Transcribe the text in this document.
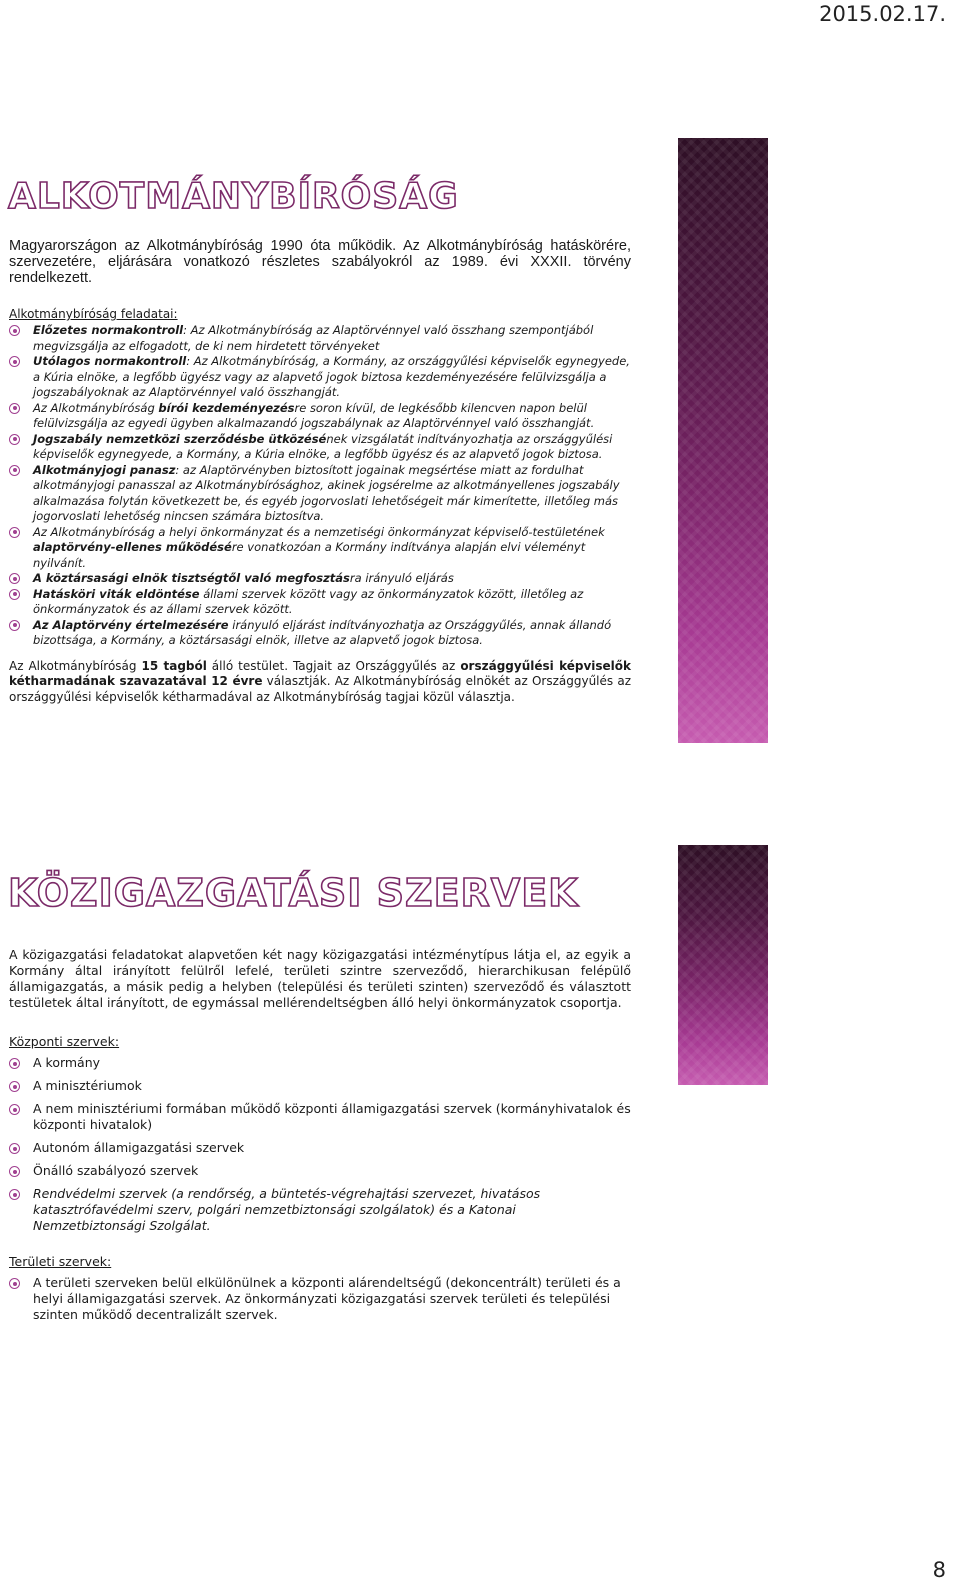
2015.02.17.
ALKOTMÁNYBÍRÓSÁG

Magyarországon az Alkotmánybíróság 1990 óta működik. Az Alkotmánybíróság hatáskörére, szervezetére, eljárására vonatkozó részletes szabályokról az 1989. évi XXXII. törvény rendelkezett.

Alkotmánybíróság feladatai:
Előzetes normakontroll: Az Alkotmánybíróság az Alaptörvénnyel való összhang szempontjából megvizsgálja az elfogadott, de ki nem hirdetett törvényeket
Utólagos normakontroll: Az Alkotmánybíróság, a Kormány, az országgyűlési képviselők egynegyede, a Kúria elnöke, a legfőbb ügyész vagy az alapvető jogok biztosa kezdeményezésére felülvizsgálja a jogszabályoknak az Alaptörvénnyel való összhangját.
Az Alkotmánybíróság bírói kezdeményezésre soron kívül, de legkésőbb kilencven napon belül felülvizsgálja az egyedi ügyben alkalmazandó jogszabálynak az Alaptörvénnyel való összhangját.
Jogszabály nemzetközi szerződésbe ütközésének vizsgálatát indítványozhatja az országgyűlési képviselők egynegyede, a Kormány, a Kúria elnöke, a legfőbb ügyész és az alapvető jogok biztosa.
Alkotmányjogi panasz: az Alaptörvényben biztosított jogainak megsértése miatt az fordulhat alkotmányjogi panasszal az Alkotmánybírósághoz, akinek jogsérelme az alkotmányellenes jogszabály alkalmazása folytán következett be, és egyéb jogorvoslati lehetőségeit már kimerítette, illetőleg más jogorvoslati lehetőség nincsen számára biztosítva.
Az Alkotmánybíróság a helyi önkormányzat és a nemzetiségi önkormányzat képviselő-testületének alaptörvény-ellenes működésére vonatkozóan a Kormány indítványa alapján elvi véleményt nyilvánít.
A köztársasági elnök tisztségtől való megfosztásra irányuló eljárás
Hatásköri viták eldöntése állami szervek között vagy az önkormányzatok között, illetőleg az önkormányzatok és az állami szervek között.
Az Alaptörvény értelmezésére irányuló eljárást indítványozhatja az Országgyűlés, annak állandó bizottsága, a Kormány, a köztársasági elnök, illetve az alapvető jogok biztosa.

Az Alkotmánybíróság 15 tagból álló testület. Tagjait az Országgyűlés az országgyűlési képviselők kétharmadának szavazatával 12 évre választják. Az Alkotmánybíróság elnökét az Országgyűlés az országgyűlési képviselők kétharmadával az Alkotmánybíróság tagjai közül választja.

KÖZIGAZGATÁSI SZERVEK

A közigazgatási feladatokat alapvetően két nagy közigazgatási intézménytípus látja el, az egyik a Kormány által irányított felülről lefelé, területi szintre szerveződő, hierarchikusan felépülő államigazgatás, a másik pedig a helyben (települési és területi szinten) szerveződő és választott testületek által irányított, de egymással mellérendeltségben álló helyi önkormányzatok csoportja.

Központi szervek:
A kormány
A minisztériumok
A nem minisztériumi formában működő központi államigazgatási szervek (kormányhivatalok és központi hivatalok)
Autonóm államigazgatási szervek
Önálló szabályozó szervek
Rendvédelmi szervek (a rendőrség, a büntetés-végrehajtási szervezet, hivatásos katasztrófavédelmi szerv, polgári nemzetbiztonsági szolgálatok) és a Katonai Nemzetbiztonsági Szolgálat.
Területi szervek:
A területi szerveken belül elkülönülnek a központi alárendeltségű (dekoncentrált) területi és a helyi államigazgatási szervek. Az önkormányzati közigazgatási szervek területi és települési szinten működő decentralizált szervek.
8
